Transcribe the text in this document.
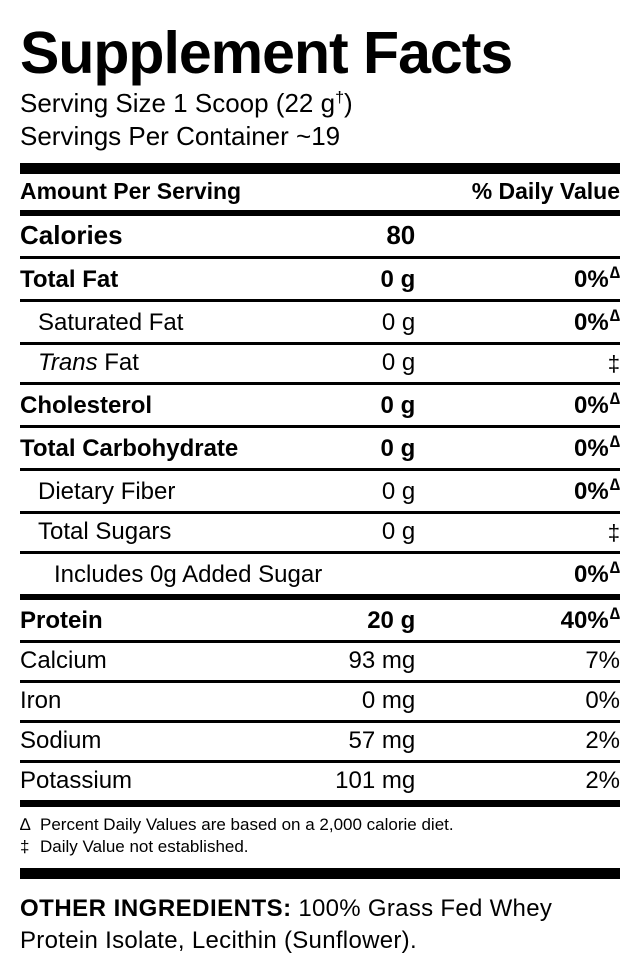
Supplement Facts
Serving Size 1 Scoop (22 g†)
Servings Per Container ~19
Amount Per Serving		% Daily Value
Calories	80	
Total Fat	0 g	0%∆
Saturated Fat	0 g	0%∆
Trans Fat	0 g	‡
Cholesterol	0 g	0%∆
Total Carbohydrate	0 g	0%∆
Dietary Fiber	0 g	0%∆
Total Sugars	0 g	‡
Includes 0g Added Sugar		0%∆
Protein	20 g	40%∆
Calcium	93 mg	7%
Iron	0 mg	0%
Sodium	57 mg	2%
Potassium	101 mg	2%
∆ Percent Daily Values are based on a 2,000 calorie diet.
‡ Daily Value not established.
OTHER INGREDIENTS: 100% Grass Fed Whey Protein Isolate, Lecithin (Sunflower).
